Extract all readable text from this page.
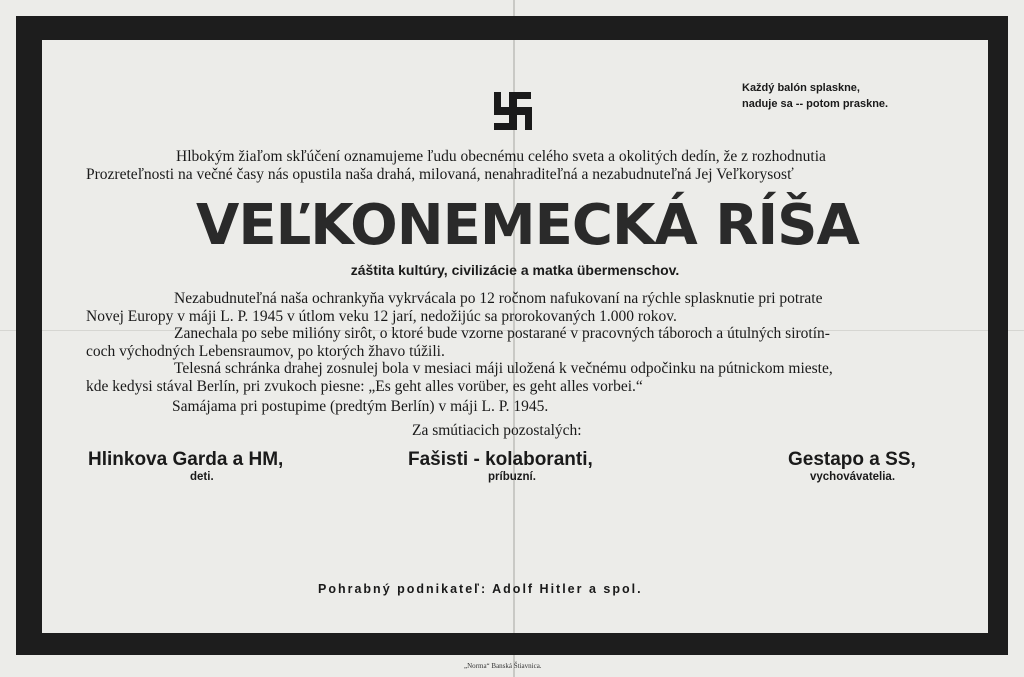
Každý balón splaskne,
naduje sa -- potom praskne.
Hlbokým žiaľom skľúčení oznamujeme ľudu obecnému celého sveta a okolitých dedín, že z rozhodnutia
Prozreteľnosti na večné časy nás opustila naša drahá, milovaná, nenahraditeľná a nezabudnuteľná Jej Veľkorysosť
VEĽKONEMECKÁ RÍŠA
záštita kultúry, civilizácie a matka übermenschov.

Nezabudnuteľná naša ochrankyňa vykrvácala po 12 ročnom nafukovaní na rýchle splasknutie pri potrate

Novej Europy v máji L. P. 1945 v útlom veku 12 jarí, nedožijúc sa prorokovaných 1.000 rokov.

Zanechala po sebe milióny sirôt, o ktoré bude vzorne postarané v pracovných táboroch a útulných sirotín-

coch východných Lebensraumov, po ktorých žhavo túžili.

Telesná schránka drahej zosnulej bola v mesiaci máji uložená k večnému odpočinku na pútnickom mieste,

kde kedysi stával Berlín, pri zvukoch piesne: „Es geht alles vorüber, es geht alles vorbei.“

Samájama pri postupime (predtým Berlín) v máji L. P. 1945.
Za smútiacich pozostalých:
Hlinkova Garda a HM,
deti.
Fašisti - kolaboranti,
príbuzní.
Gestapo a SS,
vychovávatelia.
Pohrabný podnikateľ: Adolf Hitler a spol.
„Norma“ Banská Štiavnica.
